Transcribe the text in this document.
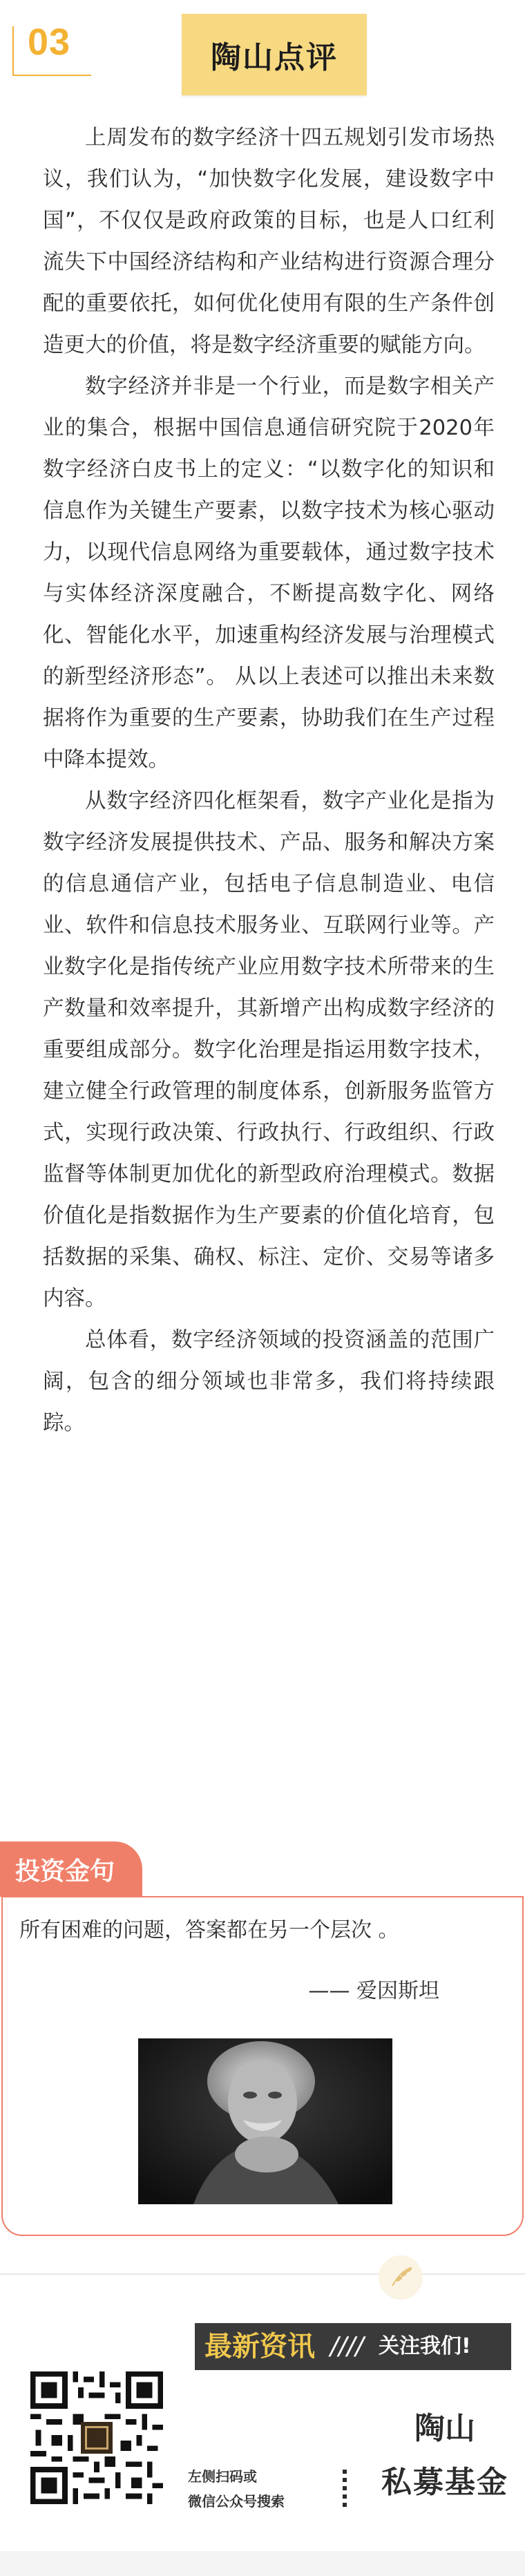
03	陶山点评

上周发布的数字经济十四五规划引发市场热议，我们认为，“加快数字化发展，建设数字中国”，不仅仅是政府政策的目标，也是人口红利流失下中国经济结构和产业结构进行资源合理分配的重要依托，如何优化使用有限的生产条件创造更大的价值，将是数字经济重要的赋能方向。

数字经济并非是一个行业，而是数字相关产业的集合，根据中国信息通信研究院于2020年数字经济白皮书上的定义：“以数字化的知识和信息作为关键生产要素，以数字技术为核心驱动力，以现代信息网络为重要载体，通过数字技术与实体经济深度融合，不断提高数字化、网络化、智能化水平，加速重构经济发展与治理模式的新型经济形态”。 从以上表述可以推出未来数据将作为重要的生产要素，协助我们在生产过程中降本提效。

从数字经济四化框架看，数字产业化是指为数字经济发展提供技术、产品、服务和解决方案的信息通信产业，包括电子信息制造业、电信业、软件和信息技术服务业、互联网行业等。产业数字化是指传统产业应用数字技术所带来的生产数量和效率提升，其新增产出构成数字经济的重要组成部分。数字化治理是指运用数字技术，建立健全行政管理的制度体系，创新服务监管方式，实现行政决策、行政执行、行政组织、行政监督等体制更加优化的新型政府治理模式。数据价值化是指数据作为生产要素的价值化培育，包括数据的采集、确权、标注、定价、交易等诸多内容。

总体看，数字经济领域的投资涵盖的范围广阔，包含的细分领域也非常多，我们将持续跟踪。

投资金句
所有困难的问题，答案都在另一个层次 。
—— 爱因斯坦
最新资讯 //// 关注我们!
左侧扫码或
微信公众号搜索
陶山
私募基金
